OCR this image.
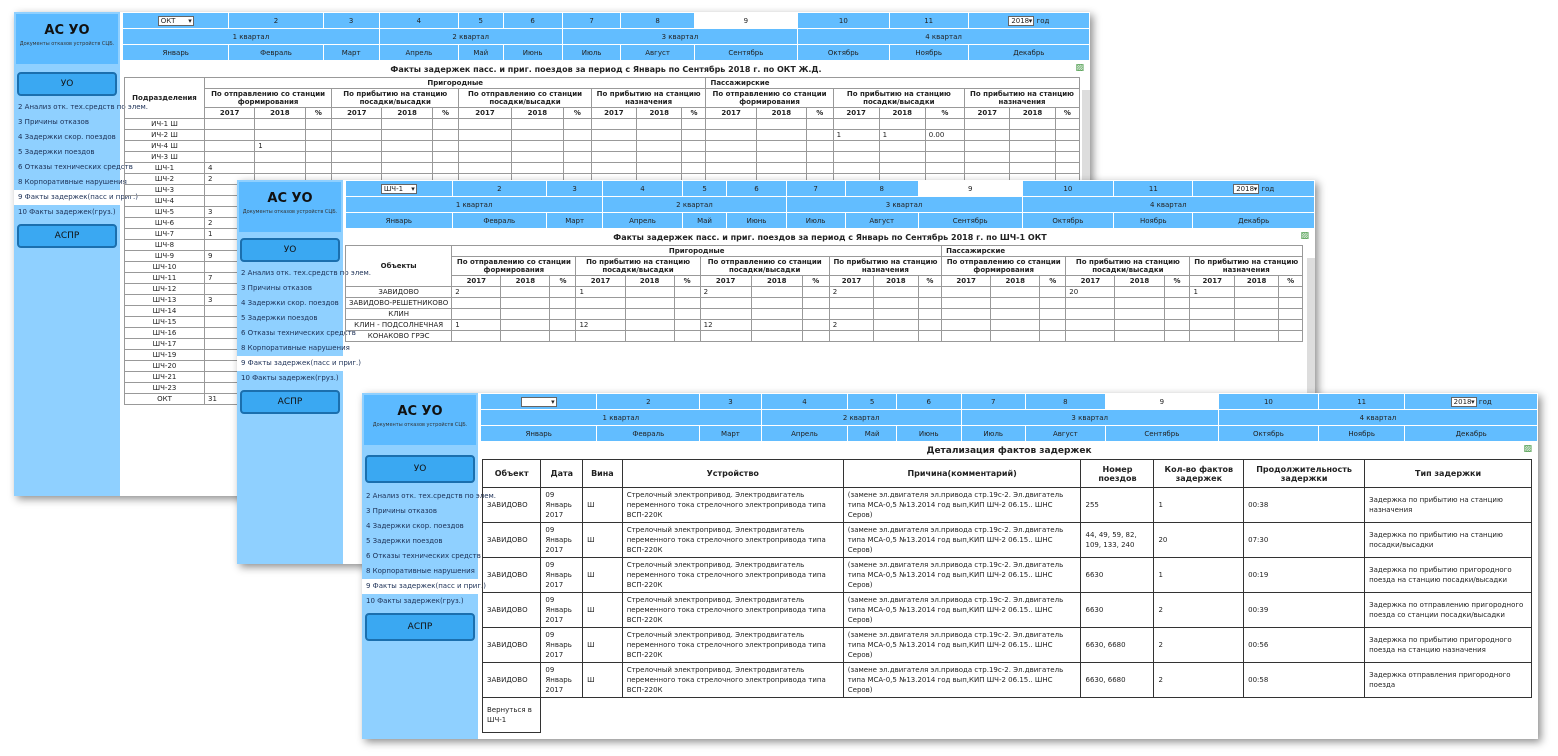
АС УО
Документы отказов устройств СЦБ.
УО
2 Анализ отк. тех.средств по элем.
3 Причины отказов
4 Задержки скор. поездов
5 Задержки поездов
6 Отказы технических средств
8 Корпоративные нарушения
9 Факты задержек(пасс и приг.)
10 Факты задержек(груз.)
АСПР
ОКТ ▾	2	3	4	5	6	7	8	9	10	11	2018 ▾ год
1 квартал			2 квартал			3 квартал			4 квартал		
Январь	Февраль	Март	Апрель	Май	Июнь	Июль	Август	Сентябрь	Октябрь	Ноябрь	Декабрь
Факты задержек пасс. и приг. поездов за период с Январь по Сентябрь 2018 г. по ОКТ Ж.Д.	▨
Подразделения	Пригородные												Пассажирские								
	По отправлению со станции формирования			По прибытию на станцию посадки/высадки			По отправлению со станции посадки/высадки			По прибытию на станцию назначения			По отправлению со станции формирования			По прибытию на станцию посадки/высадки			По прибытию на станцию назначения		
	2017	2018	%	2017	2018	%	2017	2018	%	2017	2018	%	2017	2018	%	2017	2018	%	2017	2018	%
ИЧ-1 Ш																					
ИЧ-2 Ш																1	1	0.00			
ИЧ-4 Ш		1																			
ИЧ-3 Ш																					
ШЧ-1	4																				
ШЧ-2	2																				
ШЧ-3																					
ШЧ-4																					
ШЧ-5	3																				
ШЧ-6	2																				
ШЧ-7	1																				
ШЧ-8																					
ШЧ-9	9																				
ШЧ-10																					
ШЧ-11	7																				
ШЧ-12																					
ШЧ-13	3																				
ШЧ-14																					
ШЧ-15																					
ШЧ-16																					
ШЧ-17																					
ШЧ-19																					
ШЧ-20																					
ШЧ-21																					
ШЧ-23																					
ОКТ	31																				
АС УО
Документы отказов устройств СЦБ.
УО
2 Анализ отк. тех.средств по элем.
3 Причины отказов
4 Задержки скор. поездов
5 Задержки поездов
6 Отказы технических средств
8 Корпоративные нарушения
9 Факты задержек(пасс и приг.)
10 Факты задержек(груз.)
АСПР
ШЧ-1 ▾	2	3	4	5	6	7	8	9	10	11	2018 ▾ год
1 квартал			2 квартал			3 квартал			4 квартал		
Январь	Февраль	Март	Апрель	Май	Июнь	Июль	Август	Сентябрь	Октябрь	Ноябрь	Декабрь
Факты задержек пасс. и приг. поездов за период с Январь по Сентябрь 2018 г. по ШЧ-1 ОКТ	▨
Объекты	Пригородные												Пассажирские								
	По отправлению со станции формирования			По прибытию на станцию посадки/высадки			По отправлению со станции посадки/высадки			По прибытию на станцию назначения			По отправлению со станции формирования			По прибытию на станцию посадки/высадки			По прибытию на станцию назначения		
	2017	2018	%	2017	2018	%	2017	2018	%	2017	2018	%	2017	2018	%	2017	2018	%	2017	2018	%
ЗАВИДОВО	2			1			2			2						20			1		
ЗАВИДОВО-РЕШЕТНИКОВО																					
КЛИН																					
КЛИН - ПОДСОЛНЕЧНАЯ	1			12			12			2											
КОНАКОВО ГРЭС																					
АС УО
Документы отказов устройств СЦБ.
УО
2 Анализ отк. тех.средств по элем.
3 Причины отказов
4 Задержки скор. поездов
5 Задержки поездов
6 Отказы технических средств
8 Корпоративные нарушения
9 Факты задержек(пасс и приг.)
10 Факты задержек(груз.)
АСПР
▾	2	3	4	5	6	7	8	9	10	11	2018 ▾ год
1 квартал			2 квартал			3 квартал			4 квартал		
Январь	Февраль	Март	Апрель	Май	Июнь	Июль	Август	Сентябрь	Октябрь	Ноябрь	Декабрь
Детализация фактов задержек	▨
Объект	Дата	Вина	Устройство	Причина(комментарий)	Номер поездов	Кол-во фактов задержек	Продолжительность задержки	Тип задержки
ЗАВИДОВО	09 Январь 2017	Ш	Стрелочный электропривод. Электродвигатель переменного тока стрелочного электропривода типа ВСП-220К	(замене эл.двигателя эл.привода стр.19с-2. Эл.двигатель типа МСА-0,5 №13.2014 год вып,КИП ШЧ-2 06.15.. ШНС Серов)	255	1	00:38	Задержка по прибытию на станцию назначения
ЗАВИДОВО	09 Январь 2017	Ш	Стрелочный электропривод. Электродвигатель переменного тока стрелочного электропривода типа ВСП-220К	(замене эл.двигателя эл.привода стр.19с-2. Эл.двигатель типа МСА-0,5 №13.2014 год вып,КИП ШЧ-2 06.15.. ШНС Серов)	44, 49, 59, 82, 109, 133, 240	20	07:30	Задержка по прибытию на станцию посадки/высадки
ЗАВИДОВО	09 Январь 2017	Ш	Стрелочный электропривод. Электродвигатель переменного тока стрелочного электропривода типа ВСП-220К	(замене эл.двигателя эл.привода стр.19с-2. Эл.двигатель типа МСА-0,5 №13.2014 год вып,КИП ШЧ-2 06.15.. ШНС Серов)	6630	1	00:19	Задержка по прибытию пригородного поезда на станцию посадки/высадки
ЗАВИДОВО	09 Январь 2017	Ш	Стрелочный электропривод. Электродвигатель переменного тока стрелочного электропривода типа ВСП-220К	(замене эл.двигателя эл.привода стр.19с-2. Эл.двигатель типа МСА-0,5 №13.2014 год вып,КИП ШЧ-2 06.15.. ШНС Серов)	6630	2	00:39	Задержка по отправлению пригородного поезда со станции посадки/высадки
ЗАВИДОВО	09 Январь 2017	Ш	Стрелочный электропривод. Электродвигатель переменного тока стрелочного электропривода типа ВСП-220К	(замене эл.двигателя эл.привода стр.19с-2. Эл.двигатель типа МСА-0,5 №13.2014 год вып,КИП ШЧ-2 06.15.. ШНС Серов)	6630, 6680	2	00:56	Задержка по прибытию пригородного поезда на станцию назначения
ЗАВИДОВО	09 Январь 2017	Ш	Стрелочный электропривод. Электродвигатель переменного тока стрелочного электропривода типа ВСП-220К	(замене эл.двигателя эл.привода стр.19с-2. Эл.двигатель типа МСА-0,5 №13.2014 год вып,КИП ШЧ-2 06.15.. ШНС Серов)	6630, 6680	2	00:58	Задержка отправления пригородного поезда
Вернуться в ШЧ-1								
